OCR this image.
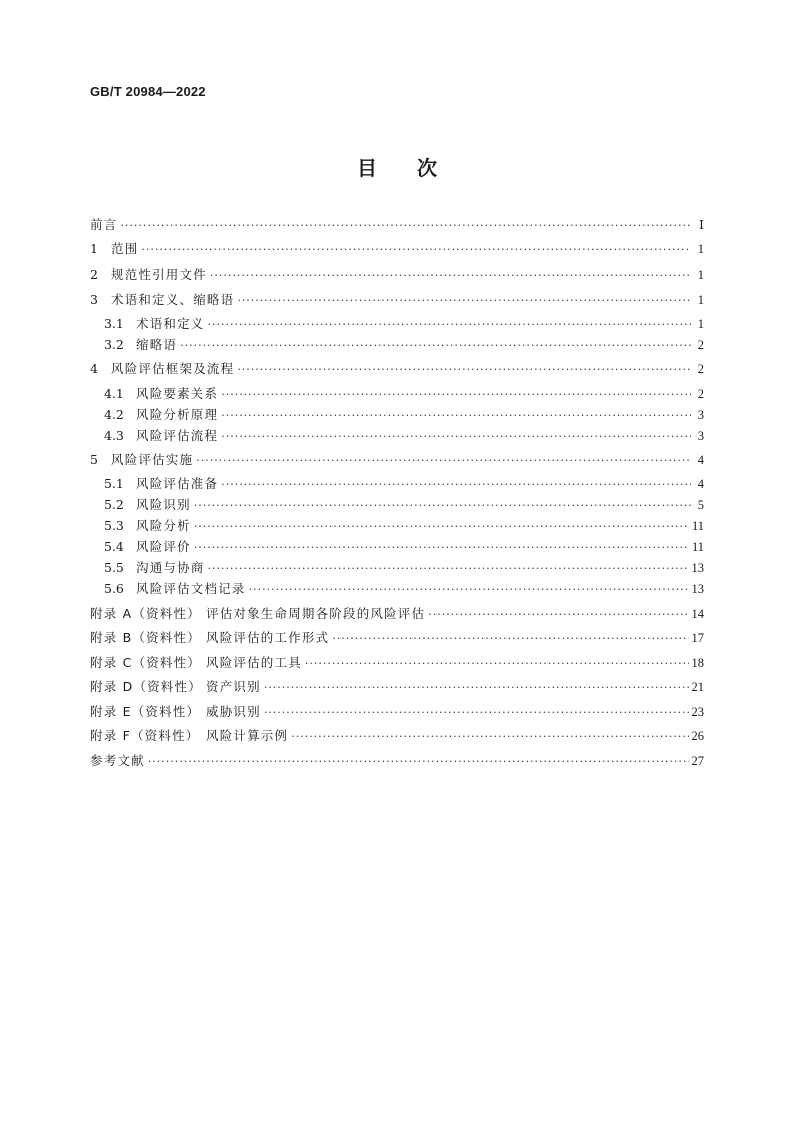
GB/T 20984—2022
目次
前言 ·····	Ⅰ
1	范围 ·····	1
2	规范性引用文件 ·····	1
3	术语和定义、缩略语 ·····	1
3.1 术语和定义 ·····	1
3.2 缩略语 ·····	2
4	风险评估框架及流程 ·····	2
4.1 风险要素关系 ·····	2
4.2 风险分析原理 ·····	3
4.3 风险评估流程 ·····	3
5	风险评估实施 ·····	4
5.1 风险评估准备 ·····	4
5.2 风险识别 ·····	5
5.3 风险分析 ·····	11
5.4 风险评价 ·····	11
5.5 沟通与协商 ·····	13
5.6 风险评估文档记录 ·····	13
附录 A（资料性） 评估对象生命周期各阶段的风险评估 ·····	14
附录 B（资料性） 风险评估的工作形式 ·····	17
附录 C（资料性） 风险评估的工具 ·····	18
附录 D（资料性） 资产识别 ·····	21
附录 E（资料性） 威胁识别 ·····	23
附录 F（资料性） 风险计算示例 ·····	26
参考文献 ·····	27
